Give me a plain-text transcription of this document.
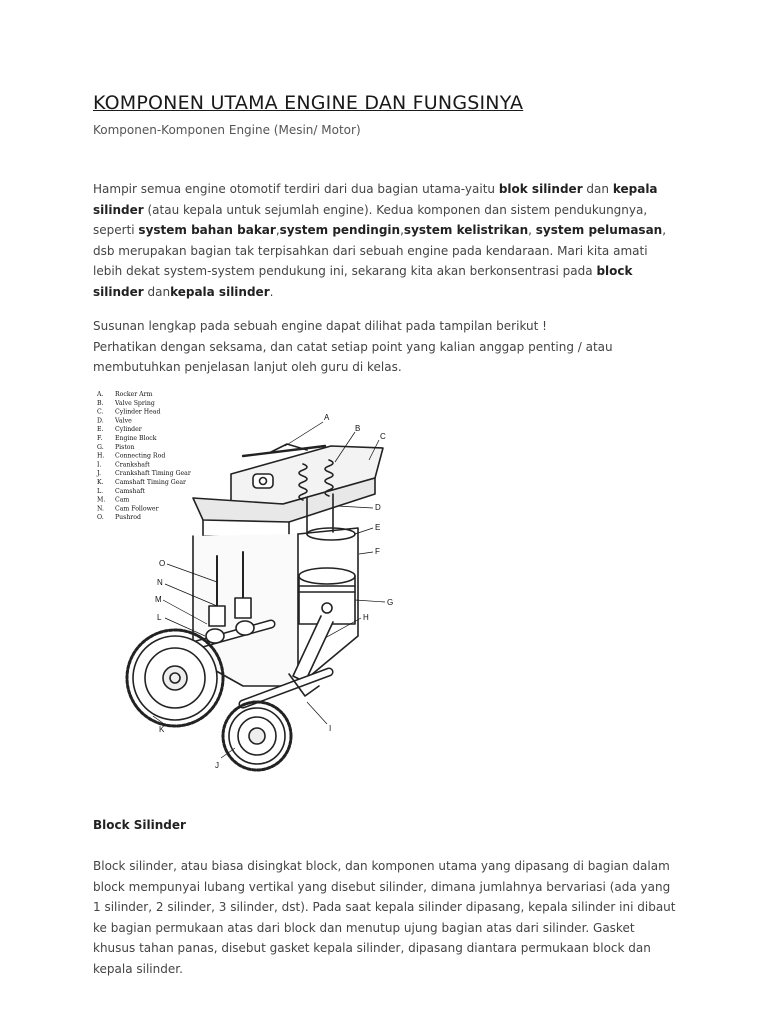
KOMPONEN UTAMA ENGINE DAN FUNGSINYA
Komponen-Komponen Engine (Mesin/ Motor)
Hampir semua engine otomotif terdiri dari dua bagian utama-yaitu blok silinder dan kepala silinder (atau kepala untuk sejumlah engine). Kedua komponen dan sistem pendukungnya, seperti system bahan bakar,system pendingin,system kelistrikan, system pelumasan, dsb merupakan bagian tak terpisahkan dari sebuah engine pada kendaraan. Mari kita amati lebih dekat system-system pendukung ini, sekarang kita akan berkonsentrasi pada block silinder dankepala silinder.
Susunan lengkap pada sebuah engine dapat dilihat pada tampilan berikut !
Perhatikan dengan seksama, dan catat setiap point yang kalian anggap penting / atau membutuhkan penjelasan lanjut oleh guru di kelas.
A. Rocker Arm
B. Valve Spring
C. Cylinder Head
D. Valve
E. Cylinder
F. Engine Block
G. Piston
H. Connecting Rod
I. Crankshaft
J. Crankshaft Timing Gear
K. Camshaft Timing Gear
L. Camshaft
M. Cam
N. Cam Follower
O. Pushrod
A
B
C
D
E
F
G
H
I
J
K
L
M
N
O
Block Silinder
Block silinder, atau biasa disingkat block, dan komponen utama yang dipasang di bagian dalam block mempunyai lubang vertikal yang disebut silinder, dimana jumlahnya bervariasi (ada yang 1 silinder, 2 silinder, 3 silinder, dst). Pada saat kepala silinder dipasang, kepala silinder ini dibaut ke bagian permukaan atas dari block dan menutup ujung bagian atas dari silinder. Gasket khusus tahan panas, disebut gasket kepala silinder, dipasang diantara permukaan block dan kepala silinder.
